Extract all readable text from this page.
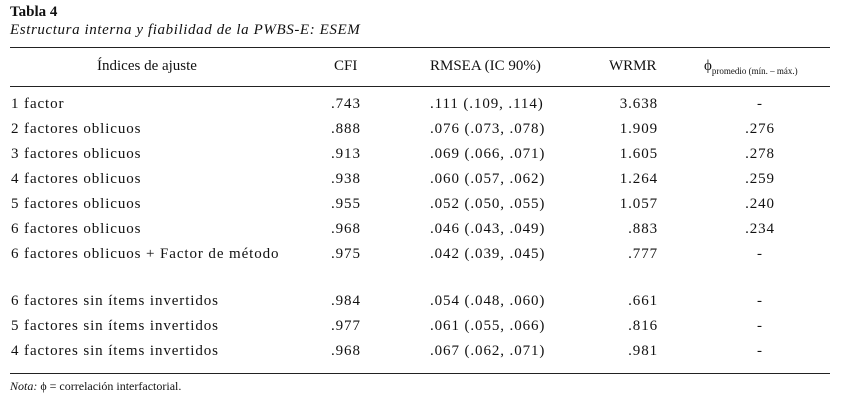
Tabla 4
Estructura interna y fiabilidad de la PWBS-E: ESEM
Índices de ajuste	CFI	RMSEA (IC 90%)	WRMR	$\phi_{promedio (mín. - máx.)}$
1 factor	.743	.111 (.109, .114)	3.638	-
2 factores oblicuos	.888	.076 (.073, .078)	1.909	.276
3 factores oblicuos	.913	.069 (.066, .071)	1.605	.278
4 factores oblicuos	.938	.060 (.057, .062)	1.264	.259
5 factores oblicuos	.955	.052 (.050, .055)	1.057	.240
6 factores oblicuos	.968	.046 (.043, .049)	.883	.234
6 factores oblicuos + Factor de método	.975	.042 (.039, .045)	.777	-
6 factores sin ítems invertidos	.984	.054 (.048, .060)	.661	-
5 factores sin ítems invertidos	.977	.061 (.055, .066)	.816	-
4 factores sin ítems invertidos	.968	.067 (.062, .071)	.981	-
Nota: ϕ = correlación interfactorial.
